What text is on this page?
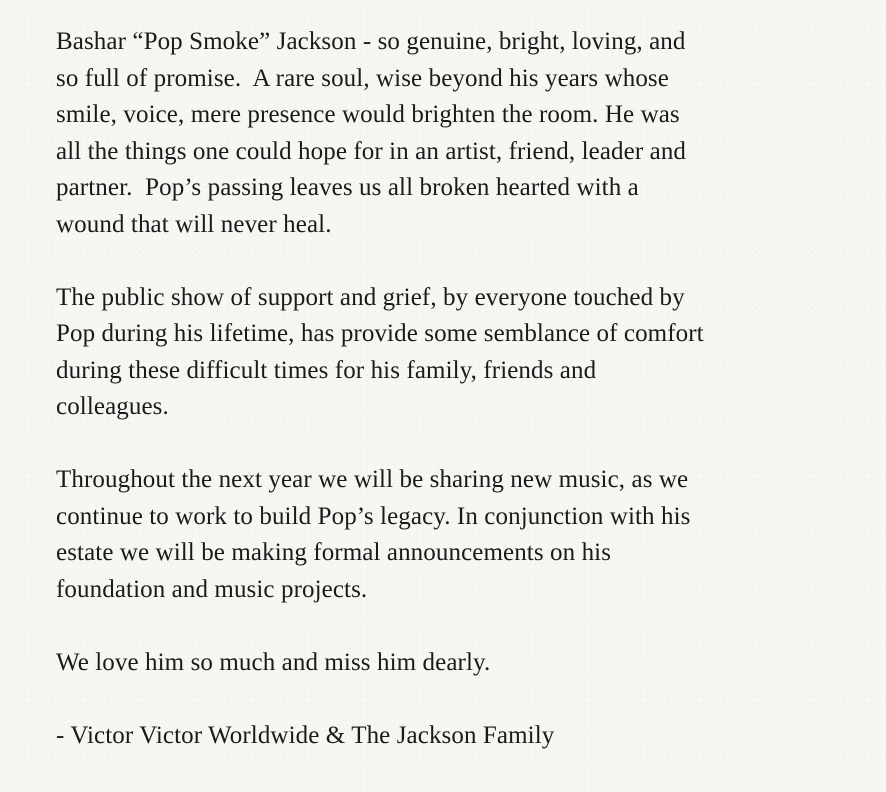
Bashar “Pop Smoke” Jackson - so genuine, bright, loving, and
so full of promise.  A rare soul, wise beyond his years whose
smile, voice, mere presence would brighten the room. He was
all the things one could hope for in an artist, friend, leader and
partner.  Pop’s passing leaves us all broken hearted with a
wound that will never heal.

The public show of support and grief, by everyone touched by
Pop during his lifetime, has provide some semblance of comfort
during these difficult times for his family, friends and
colleagues.

Throughout the next year we will be sharing new music, as we
continue to work to build Pop’s legacy. In conjunction with his
estate we will be making formal announcements on his
foundation and music projects.

We love him so much and miss him dearly.

- Victor Victor Worldwide & The Jackson Family
